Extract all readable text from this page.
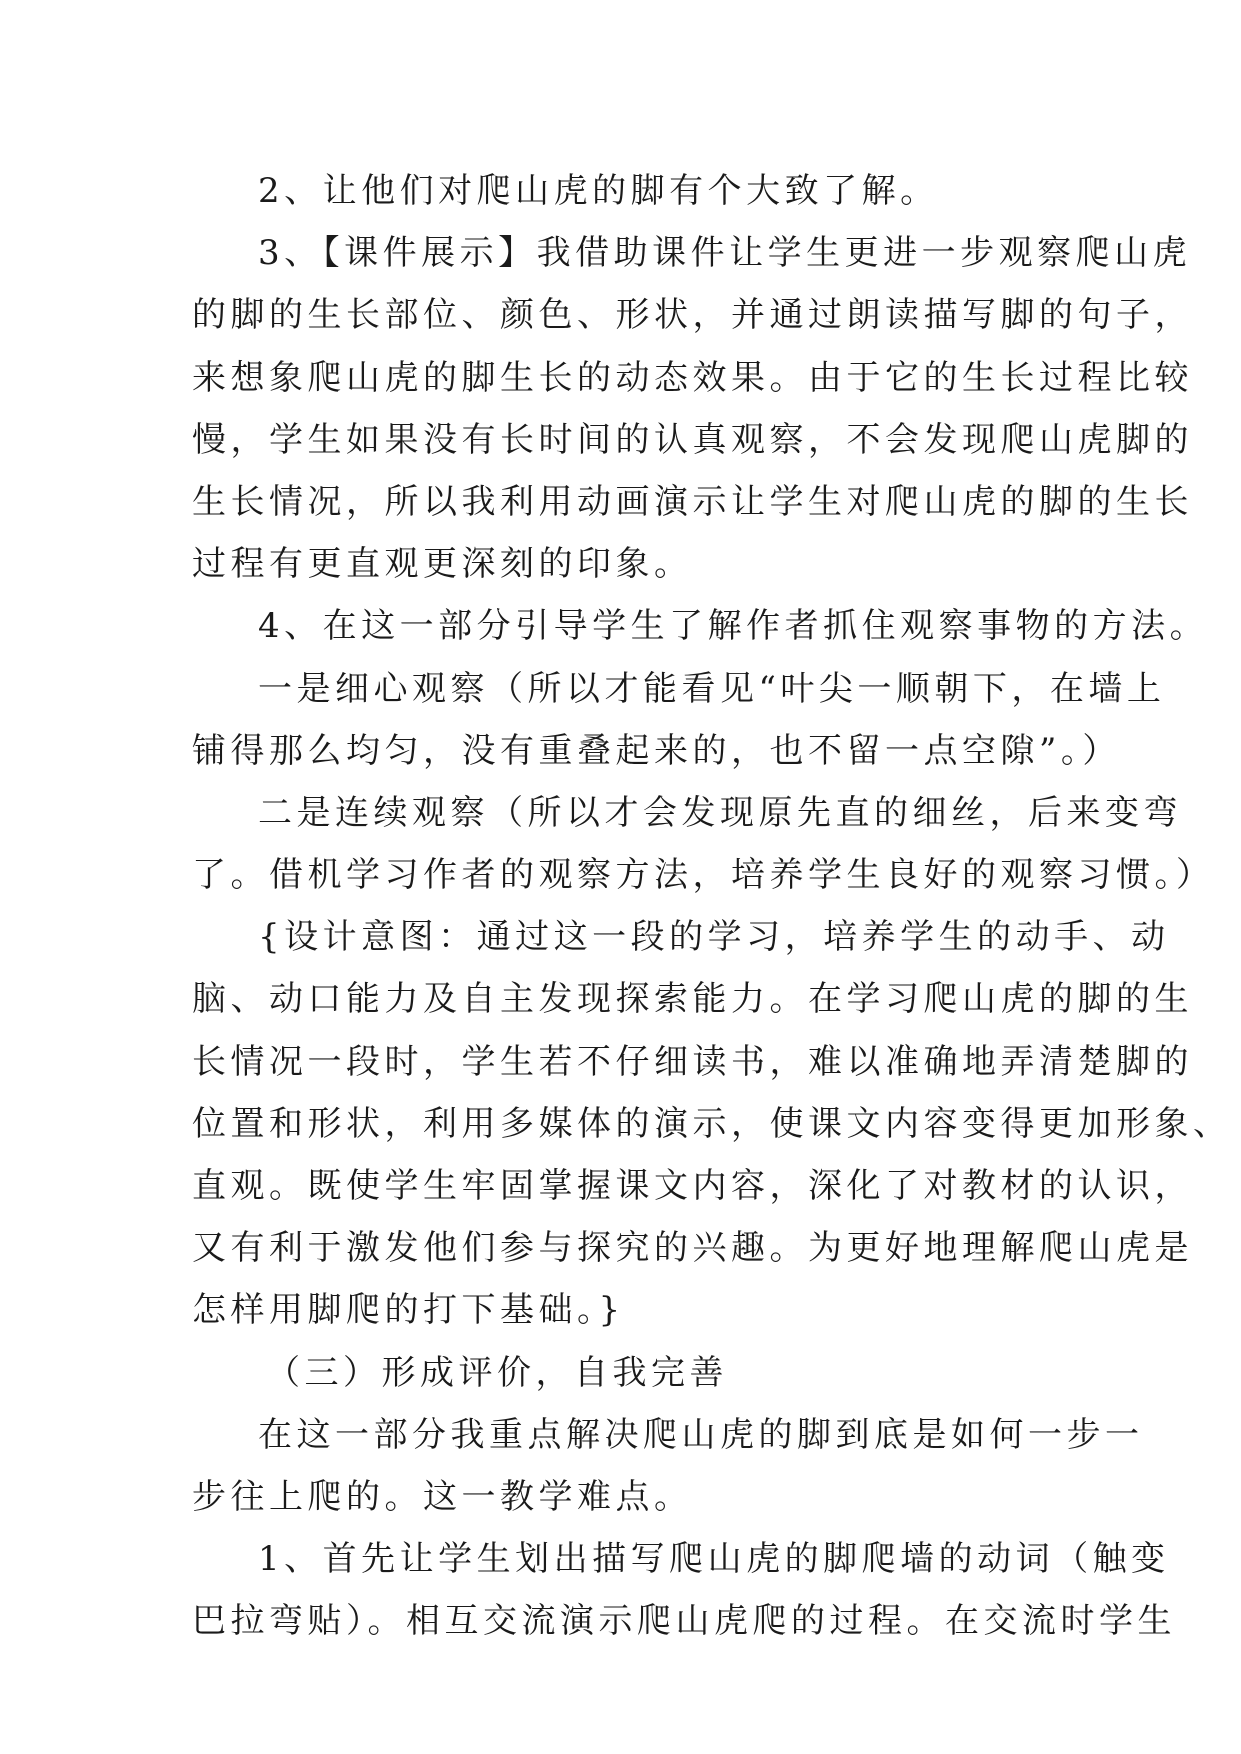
2、让他们对爬山虎的脚有个大致了解。
3、【课件展示】我借助课件让学生更进一步观察爬山虎
的脚的生长部位、颜色、形状，并通过朗读描写脚的句子，
来想象爬山虎的脚生长的动态效果。由于它的生长过程比较
慢，学生如果没有长时间的认真观察，不会发现爬山虎脚的
生长情况，所以我利用动画演示让学生对爬山虎的脚的生长
过程有更直观更深刻的印象。
4、在这一部分引导学生了解作者抓住观察事物的方法。
一是细心观察（所以才能看见“叶尖一顺朝下，在墙上
铺得那么均匀，没有重叠起来的，也不留一点空隙”。）
二是连续观察（所以才会发现原先直的细丝，后来变弯
了。借机学习作者的观察方法，培养学生良好的观察习惯。）
{设计意图：通过这一段的学习，培养学生的动手、动
脑、动口能力及自主发现探索能力。在学习爬山虎的脚的生
长情况一段时，学生若不仔细读书，难以准确地弄清楚脚的
位置和形状，利用多媒体的演示，使课文内容变得更加形象、
直观。既使学生牢固掌握课文内容，深化了对教材的认识，
又有利于激发他们参与探究的兴趣。为更好地理解爬山虎是
怎样用脚爬的打下基础。}
（三）形成评价，自我完善
在这一部分我重点解决爬山虎的脚到底是如何一步一
步往上爬的。这一教学难点。
1、首先让学生划出描写爬山虎的脚爬墙的动词（触变
巴拉弯贴）。相互交流演示爬山虎爬的过程。在交流时学生
